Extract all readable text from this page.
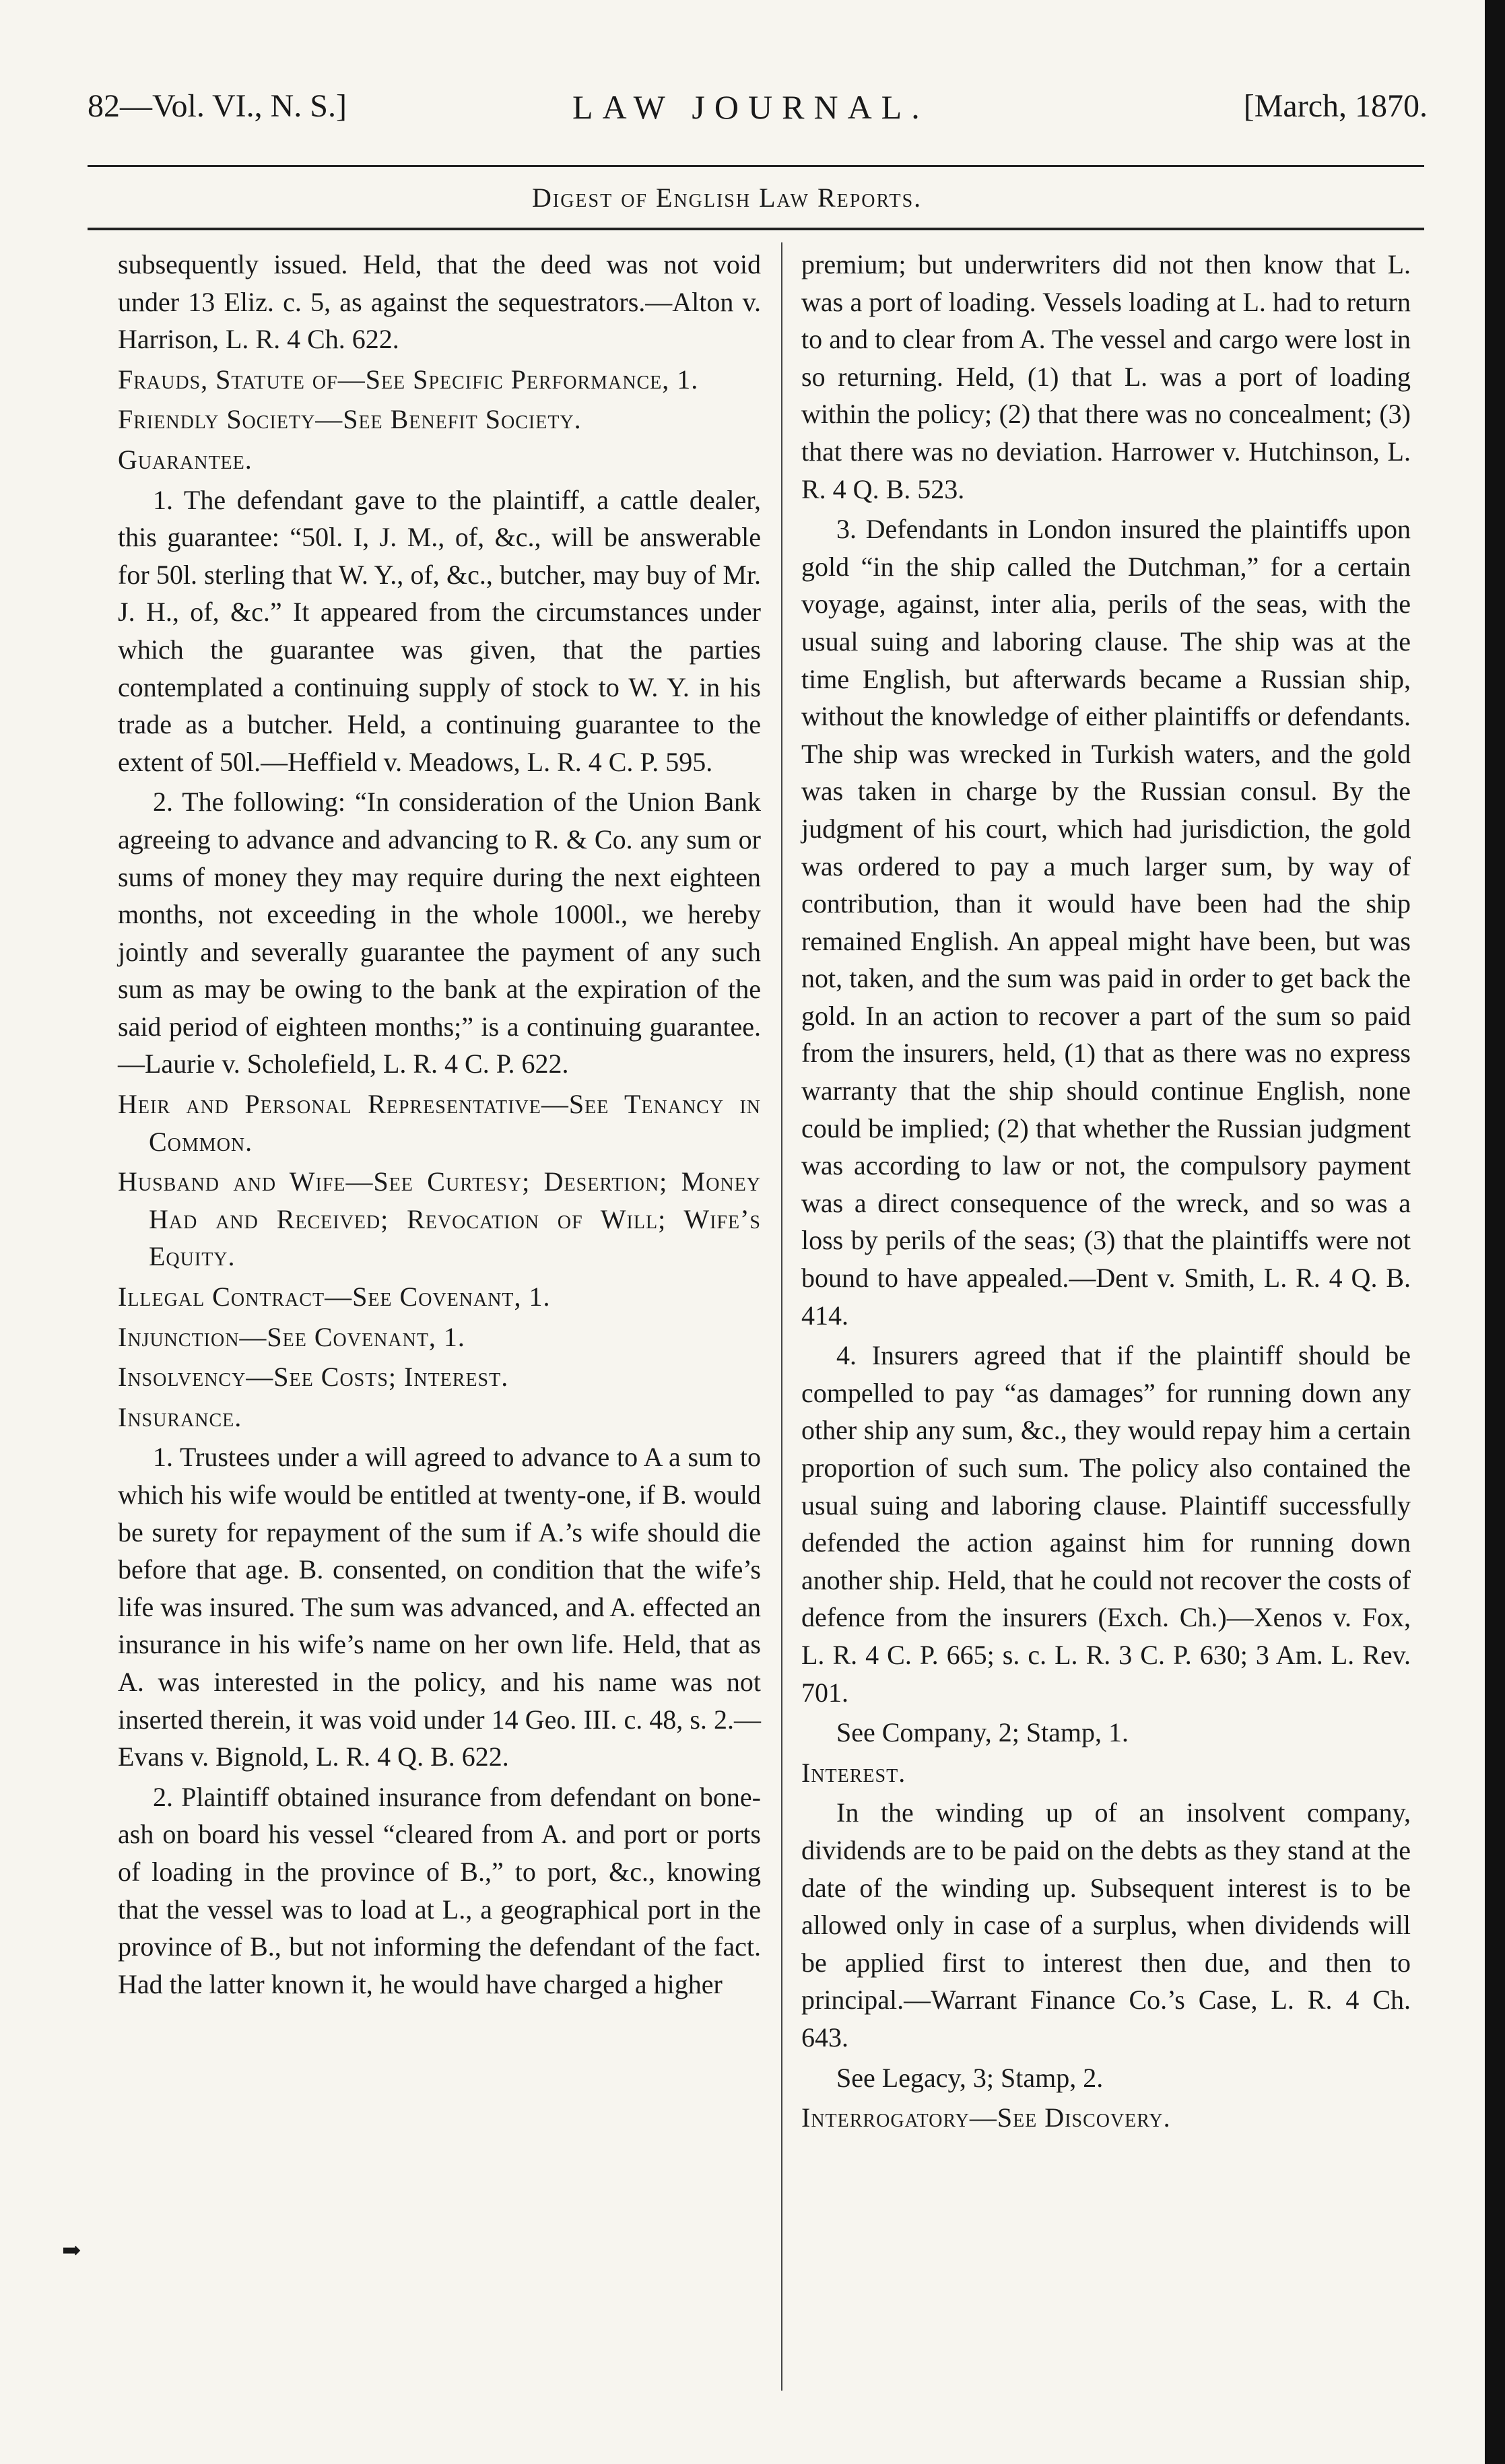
82—Vol. VI., N. S.]	LAW JOURNAL.	[March, 1870.
Digest of English Law Reports.

subsequently issued. Held, that the deed was not void under 13 Eliz. c. 5, as against the sequestrators.—Alton v. Harrison, L. R. 4 Ch. 622.

Frauds, Statute of—See Specific Performance, 1.

Friendly Society—See Benefit Society.

Guarantee.

1. The defendant gave to the plaintiff, a cattle dealer, this guarantee: “50l. I, J. M., of, &c., will be answerable for 50l. sterling that W. Y., of, &c., butcher, may buy of Mr. J. H., of, &c.” It appeared from the circumstances under which the guarantee was given, that the parties contemplated a continuing supply of stock to W. Y. in his trade as a butcher. Held, a continuing guarantee to the extent of 50l.—Heffield v. Meadows, L. R. 4 C. P. 595.

2. The following: “In consideration of the Union Bank agreeing to advance and advancing to R. & Co. any sum or sums of money they may require during the next eighteen months, not exceeding in the whole 1000l., we hereby jointly and severally guarantee the payment of any such sum as may be owing to the bank at the expiration of the said period of eighteen months;” is a continuing guarantee.—Laurie v. Scholefield, L. R. 4 C. P. 622.

Heir and Personal Representative—See Tenancy in Common.

Husband and Wife—See Curtesy; Desertion; Money Had and Received; Revocation of Will; Wife’s Equity.

Illegal Contract—See Covenant, 1.

Injunction—See Covenant, 1.

Insolvency—See Costs; Interest.

Insurance.

1. Trustees under a will agreed to advance to A a sum to which his wife would be entitled at twenty-one, if B. would be surety for repayment of the sum if A.’s wife should die before that age. B. consented, on condition that the wife’s life was insured. The sum was advanced, and A. effected an insurance in his wife’s name on her own life. Held, that as A. was interested in the policy, and his name was not inserted therein, it was void under 14 Geo. III. c. 48, s. 2.—Evans v. Bignold, L. R. 4 Q. B. 622.

2. Plaintiff obtained insurance from defendant on bone-ash on board his vessel “cleared from A. and port or ports of loading in the province of B.,” to port, &c., knowing that the vessel was to load at L., a geographical port in the province of B., but not informing the defendant of the fact. Had the latter known it, he would have charged a higher

premium; but underwriters did not then know that L. was a port of loading. Vessels loading at L. had to return to and to clear from A. The vessel and cargo were lost in so returning. Held, (1) that L. was a port of loading within the policy; (2) that there was no concealment; (3) that there was no deviation. Harrower v. Hutchinson, L. R. 4 Q. B. 523.

3. Defendants in London insured the plaintiffs upon gold “in the ship called the Dutchman,” for a certain voyage, against, inter alia, perils of the seas, with the usual suing and laboring clause. The ship was at the time English, but afterwards became a Russian ship, without the knowledge of either plaintiffs or defendants. The ship was wrecked in Turkish waters, and the gold was taken in charge by the Russian consul. By the judgment of his court, which had jurisdiction, the gold was ordered to pay a much larger sum, by way of contribution, than it would have been had the ship remained English. An appeal might have been, but was not, taken, and the sum was paid in order to get back the gold. In an action to recover a part of the sum so paid from the insurers, held, (1) that as there was no express warranty that the ship should continue English, none could be implied; (2) that whether the Russian judgment was according to law or not, the compulsory payment was a direct consequence of the wreck, and so was a loss by perils of the seas; (3) that the plaintiffs were not bound to have appealed.—Dent v. Smith, L. R. 4 Q. B. 414.

4. Insurers agreed that if the plaintiff should be compelled to pay “as damages” for running down any other ship any sum, &c., they would repay him a certain proportion of such sum. The policy also contained the usual suing and laboring clause. Plaintiff successfully defended the action against him for running down another ship. Held, that he could not recover the costs of defence from the insurers (Exch. Ch.)—Xenos v. Fox, L. R. 4 C. P. 665; s. c. L. R. 3 C. P. 630; 3 Am. L. Rev. 701.

See Company, 2; Stamp, 1.

Interest.

In the winding up of an insolvent company, dividends are to be paid on the debts as they stand at the date of the winding up. Subsequent interest is to be allowed only in case of a surplus, when dividends will be applied first to interest then due, and then to principal.—Warrant Finance Co.’s Case, L. R. 4 Ch. 643.

See Legacy, 3; Stamp, 2.

Interrogatory—See Discovery.

➡
